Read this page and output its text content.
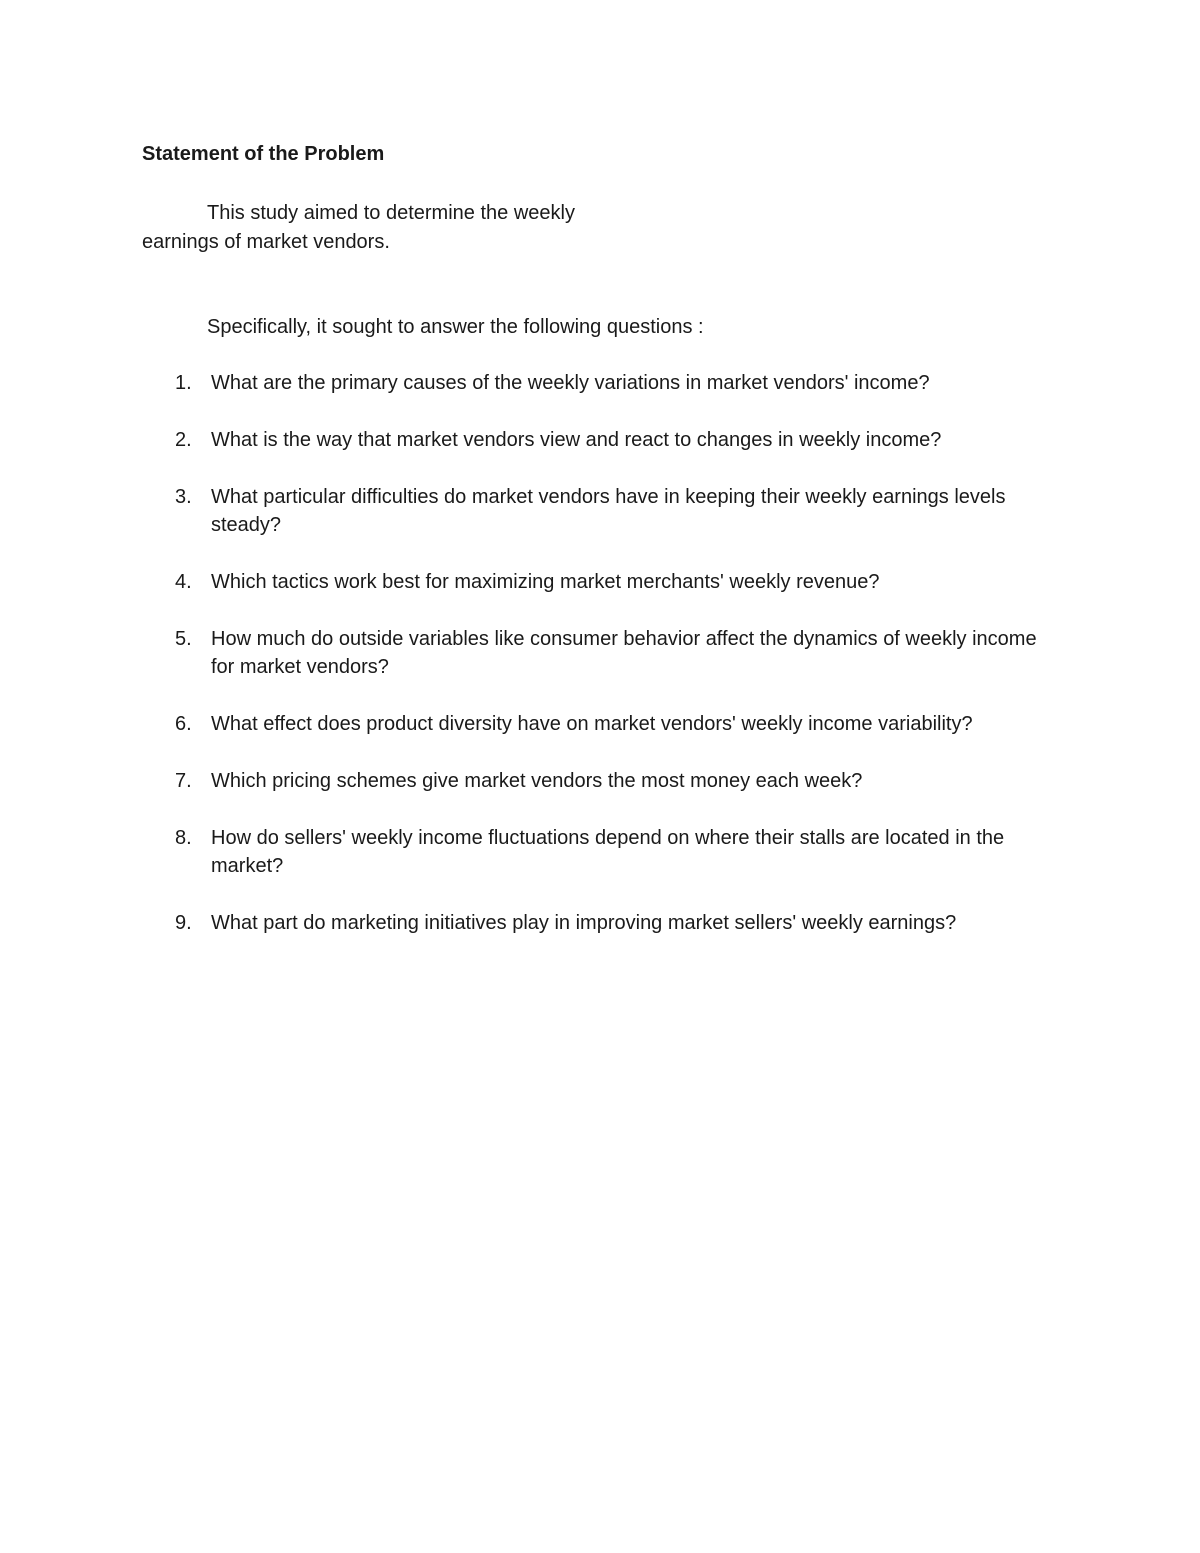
Statement of the Problem

This study aimed to determine the weekly
earnings of market vendors.

Specifically, it sought to answer the following questions :

1. What are the primary causes of the weekly variations in market vendors' income?
2. What is the way that market vendors view and react to changes in weekly income?
3. What particular difficulties do market vendors have in keeping their weekly earnings levels steady?
4. Which tactics work best for maximizing market merchants' weekly revenue?
5. How much do outside variables like consumer behavior affect the dynamics of weekly income for market vendors?
6. What effect does product diversity have on market vendors' weekly income variability?
7. Which pricing schemes give market vendors the most money each week?
8. How do sellers' weekly income fluctuations depend on where their stalls are located in the market?
9. What part do marketing initiatives play in improving market sellers' weekly earnings?
